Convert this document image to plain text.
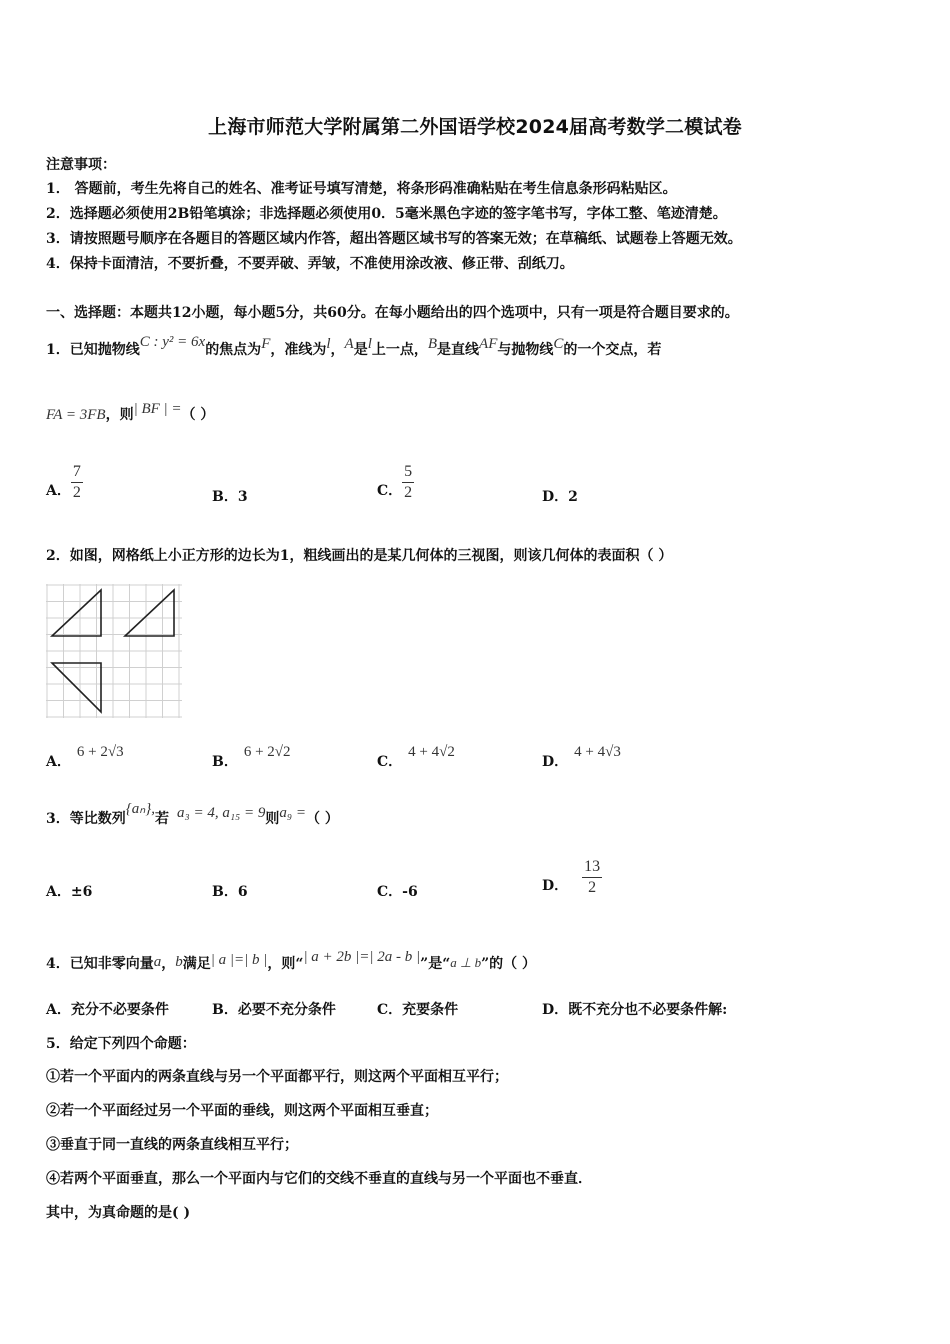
上海市师范大学附属第二外国语学校2024届高考数学二模试卷
注意事项：
1． 答题前，考生先将自己的姓名、准考证号填写清楚，将条形码准确粘贴在考生信息条形码粘贴区。
2．选择题必须使用2B铅笔填涂；非选择题必须使用0．5毫米黑色字迹的签字笔书写，字体工整、笔迹清楚。
3．请按照题号顺序在各题目的答题区域内作答，超出答题区域书写的答案无效；在草稿纸、试题卷上答题无效。
4．保持卡面清洁，不要折叠，不要弄破、弄皱，不准使用涂改液、修正带、刮纸刀。
一、选择题：本题共12小题，每小题5分，共60分。在每小题给出的四个选项中，只有一项是符合题目要求的。
1．已知抛物线C : y² = 6x的焦点为F，准线为l，A是l上一点，B是直线AF与抛物线C的一个交点，若
FA = 3FB，则| BF | =（ ）
A． $\frac{7}{2}$	B．3	C． $\frac{5}{2}$	D．2
2．如图，网格纸上小正方形的边长为1，粗线画出的是某几何体的三视图，则该几何体的表面积（ ）
A．6 + 2√3
B．6 + 2√2
C．4 + 4√2
D．4 + 4√3
3．等比数列{aₙ},若 a₃ = 4, a₁₅ = 9则a₉ =（ ）
A．±6	B．6	C．-6	D． $\frac{13}{2}$
4．已知非零向量a，b满足| a |=| b |，则“| a + 2b |=| 2a - b |”是“a ⊥ b”的（ ）
A．充分不必要条件	B．必要不充分条件	C．充要条件	D．既不充分也不必要条件解:
5．给定下列四个命题：
①若一个平面内的两条直线与另一个平面都平行，则这两个平面相互平行；
②若一个平面经过另一个平面的垂线，则这两个平面相互垂直；
③垂直于同一直线的两条直线相互平行；
④若两个平面垂直，那么一个平面内与它们的交线不垂直的直线与另一个平面也不垂直．
其中，为真命题的是( )
